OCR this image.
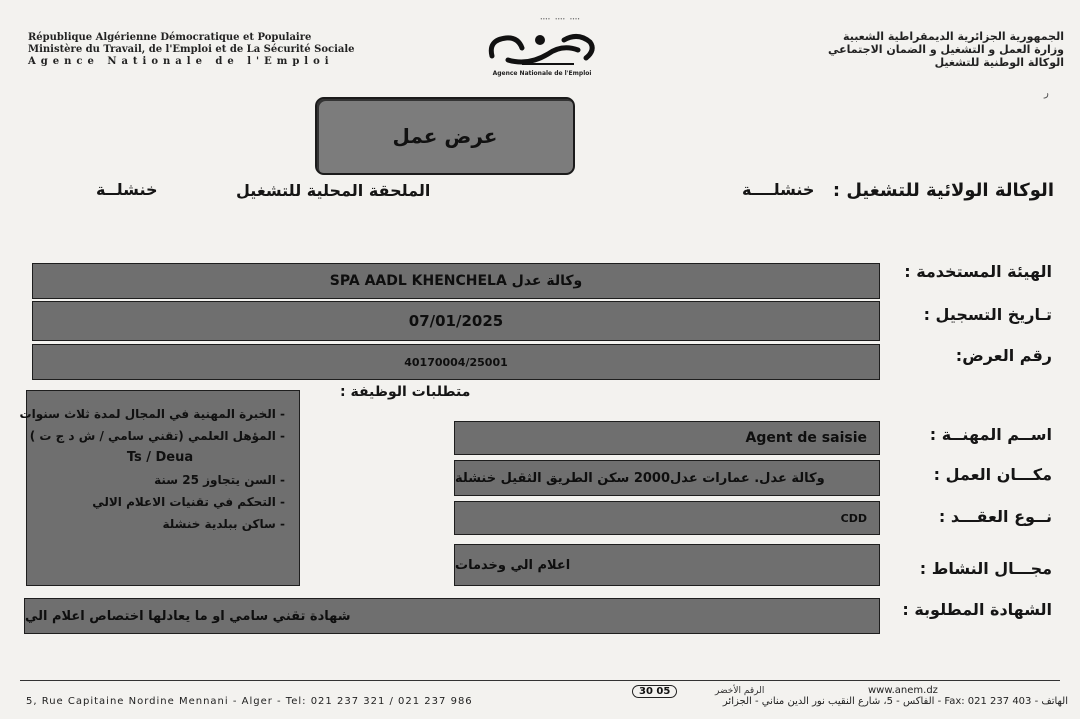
République Algérienne Démocratique et Populaire
Ministère du Travail, de l'Emploi et de La Sécurité Sociale
Agence Nationale de l'Emploi
Agence Nationale de l'Emploi
᠁ ᠁ ᠁
الجمهورية الجزائرية الديمقراطية الشعبية
وزارة العمل و التشغيل و الضمان الاجتماعي
الوكالة الوطنية للتشغيل
ر
عرض عمل
الوكالة الولائية للتشغيل :
خنشلــــة
الملحقة المحلية للتشغيل
خنشلــة
الهيئة المستخدمة :
وكالة عدل SPA AADL KHENCHELA
تـاريخ التسجيل :
07/01/2025
رقم العرض:
40170004/25001
متطلبات الوظيفة :
- الخبرة المهنية في المجال لمدة ثلاث سنوات
- المؤهل العلمي (تقني سامي / ش د ج ت )
Ts / Deua
- السن يتجاوز 25 سنة
- التحكم في تقنيات الاعلام الالي
- ساكن ببلدية خنشلة
اســم المهنــة :
Agent de saisie
مكـــان العمل :
وكالة عدل. عمارات عدل2000 سكن الطريق الثقيل خنشلة
نــوع العقـــد :
CDD
مجـــال النشاط :
اعلام الي وخدمات
الشهادة المطلوبة :
شهادة تقني سامي او ما يعادلها اختصاص اعلام الي
30 05	الرقم الأخضر	www.anem.dz
5, Rue Capitaine Nordine Mennani - Alger - Tel: 021 237 321 / 021 237 986	الهاتف - Fax: 021 237 403 - الفاكس - 5، شارع النقيب نور الدين مناني - الجزائر
